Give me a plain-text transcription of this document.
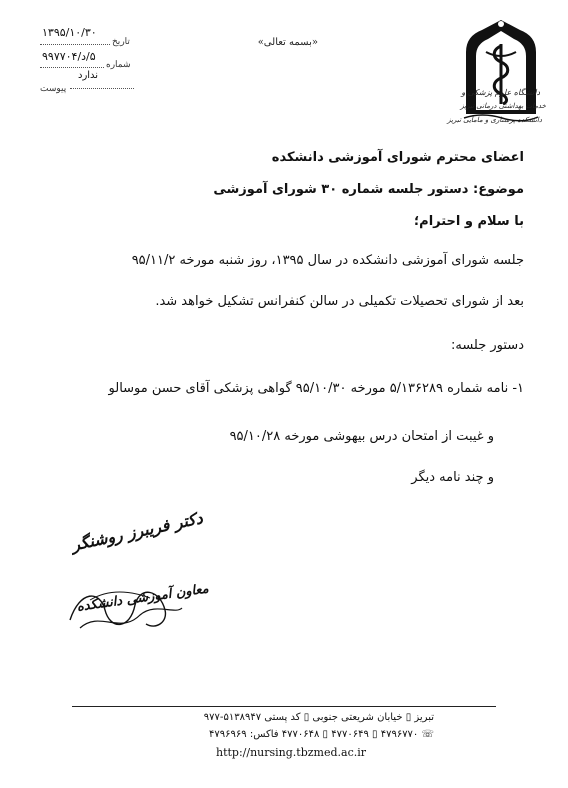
دانشگاه علوم پزشکی و
خدمات بهداشتی درمانی تبریز
دانشکده پرستاری و مامایی تبریز
«بسمه تعالی»
۱۳۹۵/۱۰/۳۰
تاریخ
۵/د/۹۹۷۷۰۴
شماره
ندارد
پیوست
اعضای محترم شورای آموزشی دانشکده
موضوع: دستور جلسه شماره ۳۰ شورای آموزشی
با سلام و احترام؛
جلسه شورای آموزشی دانشکده در سال ۱۳۹۵، روز شنبه مورخه ۹۵/۱۱/۲
بعد از شورای تحصیلات تکمیلی در سالن کنفرانس تشکیل خواهد شد.
دستور جلسه:
۱- نامه شماره ۵/۱۳۶۲۸۹ مورخه ۹۵/۱۰/۳۰ گواهی پزشکی آقای حسن موسالو
و غیبت از امتحان درس بیهوشی مورخه ۹۵/۱۰/۲۸
و چند نامه دیگر
دکتر فریبرز روشنگر
معاون آموزشی دانشکده
تبریز ▯ خیابان شریعتی جنوبی ▯ کد پستی ۵۱۳۸۹۴۷-۹۷۷
☏ ۴۷۹۶۷۷۰ ▯ ۴۷۷۰۶۴۹ ▯ ۴۷۷۰۶۴۸ فاکس: ۴۷۹۶۹۶۹
http://nursing.tbzmed.ac.ir
